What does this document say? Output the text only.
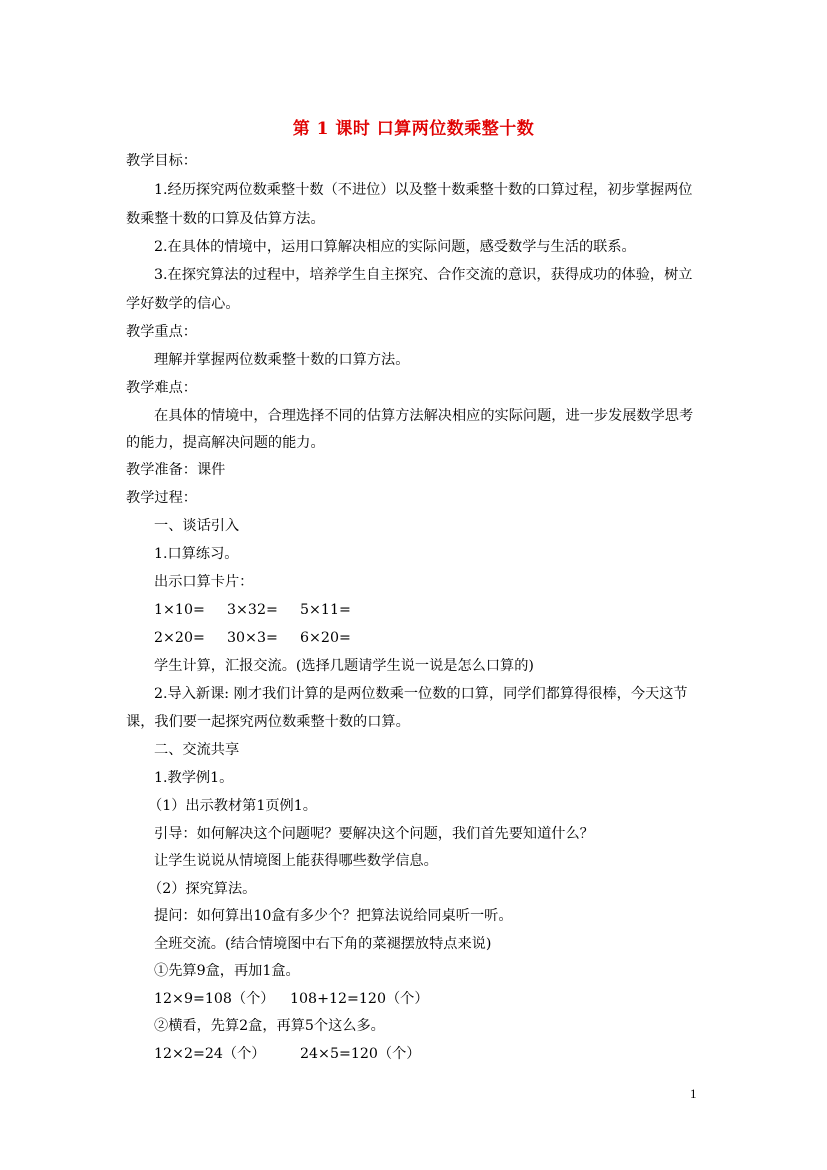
第 1 课时 口算两位数乘整十数
教学目标：
1.经历探究两位数乘整十数（不进位）以及整十数乘整十数的口算过程，初步掌握两位
数乘整十数的口算及估算方法。
2.在具体的情境中，运用口算解决相应的实际问题，感受数学与生活的联系。
3.在探究算法的过程中，培养学生自主探究、合作交流的意识，获得成功的体验，树立
学好数学的信心。
教学重点：
理解并掌握两位数乘整十数的口算方法。
教学难点：
在具体的情境中，合理选择不同的估算方法解决相应的实际问题，进一步发展数学思考
的能力，提高解决问题的能力。
教学准备：课件
教学过程：
一、谈话引入
1.口算练习。
出示口算卡片：
1×10= 3×32= 5×11=
2×20= 30×3= 6×20=
学生计算，汇报交流。(选择几题请学生说一说是怎么口算的)
2.导入新课: 刚才我们计算的是两位数乘一位数的口算，同学们都算得很棒，今天这节
课，我们要一起探究两位数乘整十数的口算。
二、交流共享
1.教学例1。
（1）出示教材第1页例1。
引导：如何解决这个问题呢？要解决这个问题，我们首先要知道什么？
让学生说说从情境图上能获得哪些数学信息。
（2）探究算法。
提问：如何算出10盒有多少个？把算法说给同桌听一听。
全班交流。(结合情境图中右下角的菜褪摆放特点来说)
①先算9盒，再加1盒。
12×9=108（个） 108+12=120（个）
②横看，先算2盒，再算5个这么多。
12×2=24（个） 24×5=120（个）
1
